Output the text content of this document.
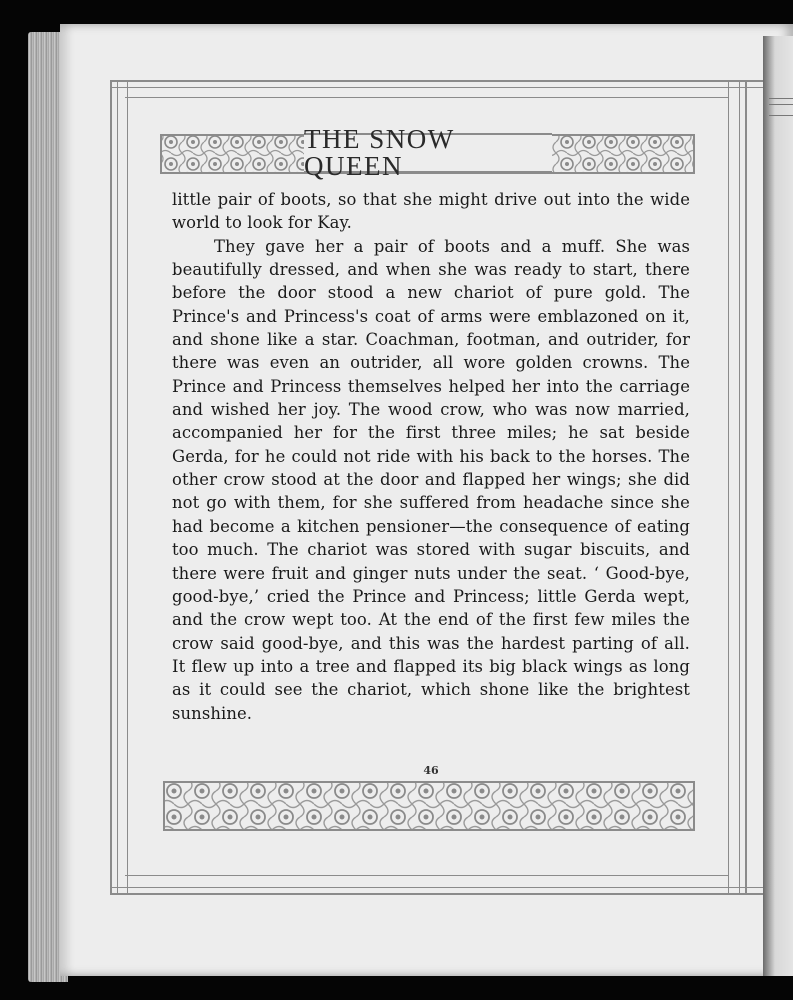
THE SNOW QUEEN

little pair of boots, so that she might drive out into the wide world to look for Kay.

They gave her a pair of boots and a muff. She was beautifully dressed, and when she was ready to start, there before the door stood a new chariot of pure gold. The Prince's and Princess's coat of arms were emblazoned on it, and shone like a star. Coachman, footman, and outrider, for there was even an outrider, all wore golden crowns. The Prince and Princess themselves helped her into the carriage and wished her joy. The wood crow, who was now married, accompanied her for the first three miles; he sat beside Gerda, for he could not ride with his back to the horses. The other crow stood at the door and flapped her wings; she did not go with them, for she suffered from headache since she had become a kitchen pensioner—the consequence of eating too much. The chariot was stored with sugar biscuits, and there were fruit and ginger nuts under the seat. ‘ Good-bye, good-bye,’ cried the Prince and Princess; little Gerda wept, and the crow wept too. At the end of the first few miles the crow said good-bye, and this was the hardest parting of all. It flew up into a tree and flapped its big black wings as long as it could see the chariot, which shone like the brightest sunshine.

46
